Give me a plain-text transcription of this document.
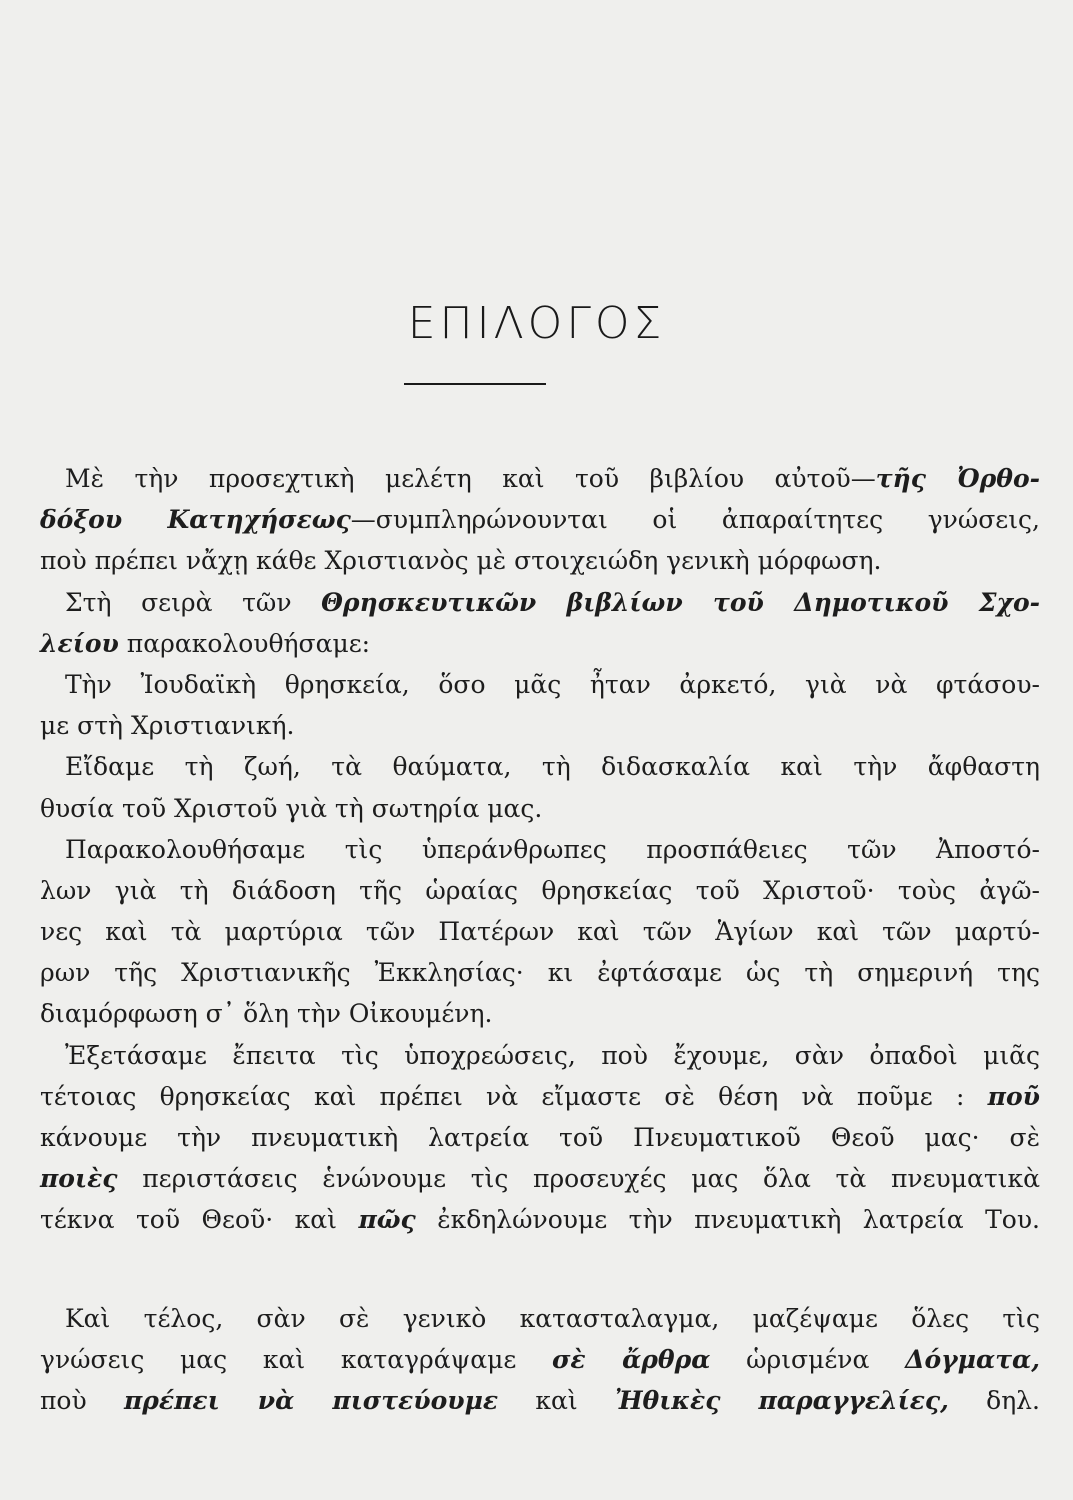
ΕΠΙΛΟΓΟΣ
Μὲ τὴν προσεχτικὴ μελέτη καὶ τοῦ βιβλίου αὐτοῦ—τῆς Ὀρθο-
δόξου Κατηχήσεως—συμπληρώνουνται οἱ ἀπαραίτητες γνώσεις,
ποὺ πρέπει νἄχῃ κάθε Χριστιανὸς μὲ στοιχειώδη γενικὴ μόρφωση.
Στὴ σειρὰ τῶν Θρησκευτικῶν βιβλίων τοῦ Δημοτικοῦ Σχο-
λείου παρακολουθήσαμε:
Τὴν Ἰουδαϊκὴ θρησκεία, ὅσο μᾶς ἦταν ἀρκετό, γιὰ νὰ φτάσου-
με στὴ Χριστιανική.
Εἴδαμε τὴ ζωή, τὰ θαύματα, τὴ διδασκαλία καὶ τὴν ἄφθαστη
θυσία τοῦ Χριστοῦ γιὰ τὴ σωτηρία μας.
Παρακολουθήσαμε τὶς ὑπεράνθρωπες προσπάθειες τῶν Ἀποστό-
λων γιὰ τὴ διάδοση τῆς ὡραίας θρησκείας τοῦ Χριστοῦ· τοὺς ἀγῶ-
νες καὶ τὰ μαρτύρια τῶν Πατέρων καὶ τῶν Ἁγίων καὶ τῶν μαρτύ-
ρων τῆς Χριστιανικῆς Ἐκκλησίας· κι ἐφτάσαμε ὡς τὴ σημερινή της
διαμόρφωση σ᾿ ὅλη τὴν Οἰκουμένη.
Ἐξετάσαμε ἔπειτα τὶς ὑποχρεώσεις, ποὺ ἔχουμε, σὰν ὀπαδοὶ μιᾶς
τέτοιας θρησκείας καὶ πρέπει νὰ εἴμαστε σὲ θέση νὰ ποῦμε : ποῦ
κάνουμε τὴν πνευματικὴ λατρεία τοῦ Πνευματικοῦ Θεοῦ μας· σὲ
ποιὲς περιστάσεις ἑνώνουμε τὶς προσευχές μας ὅλα τὰ πνευματικὰ
τέκνα τοῦ Θεοῦ· καὶ πῶς ἐκδηλώνουμε τὴν πνευματικὴ λατρεία Του.
Καὶ τέλος, σὰν σὲ γενικὸ κατασταλαγμα, μαζέψαμε ὅλες τὶς
γνώσεις μας καὶ καταγράψαμε σὲ ἄρθρα ὡρισμένα Δόγματα,
ποὺ πρέπει νὰ πιστεύουμε καὶ Ἠθικὲς παραγγελίες, δηλ.
